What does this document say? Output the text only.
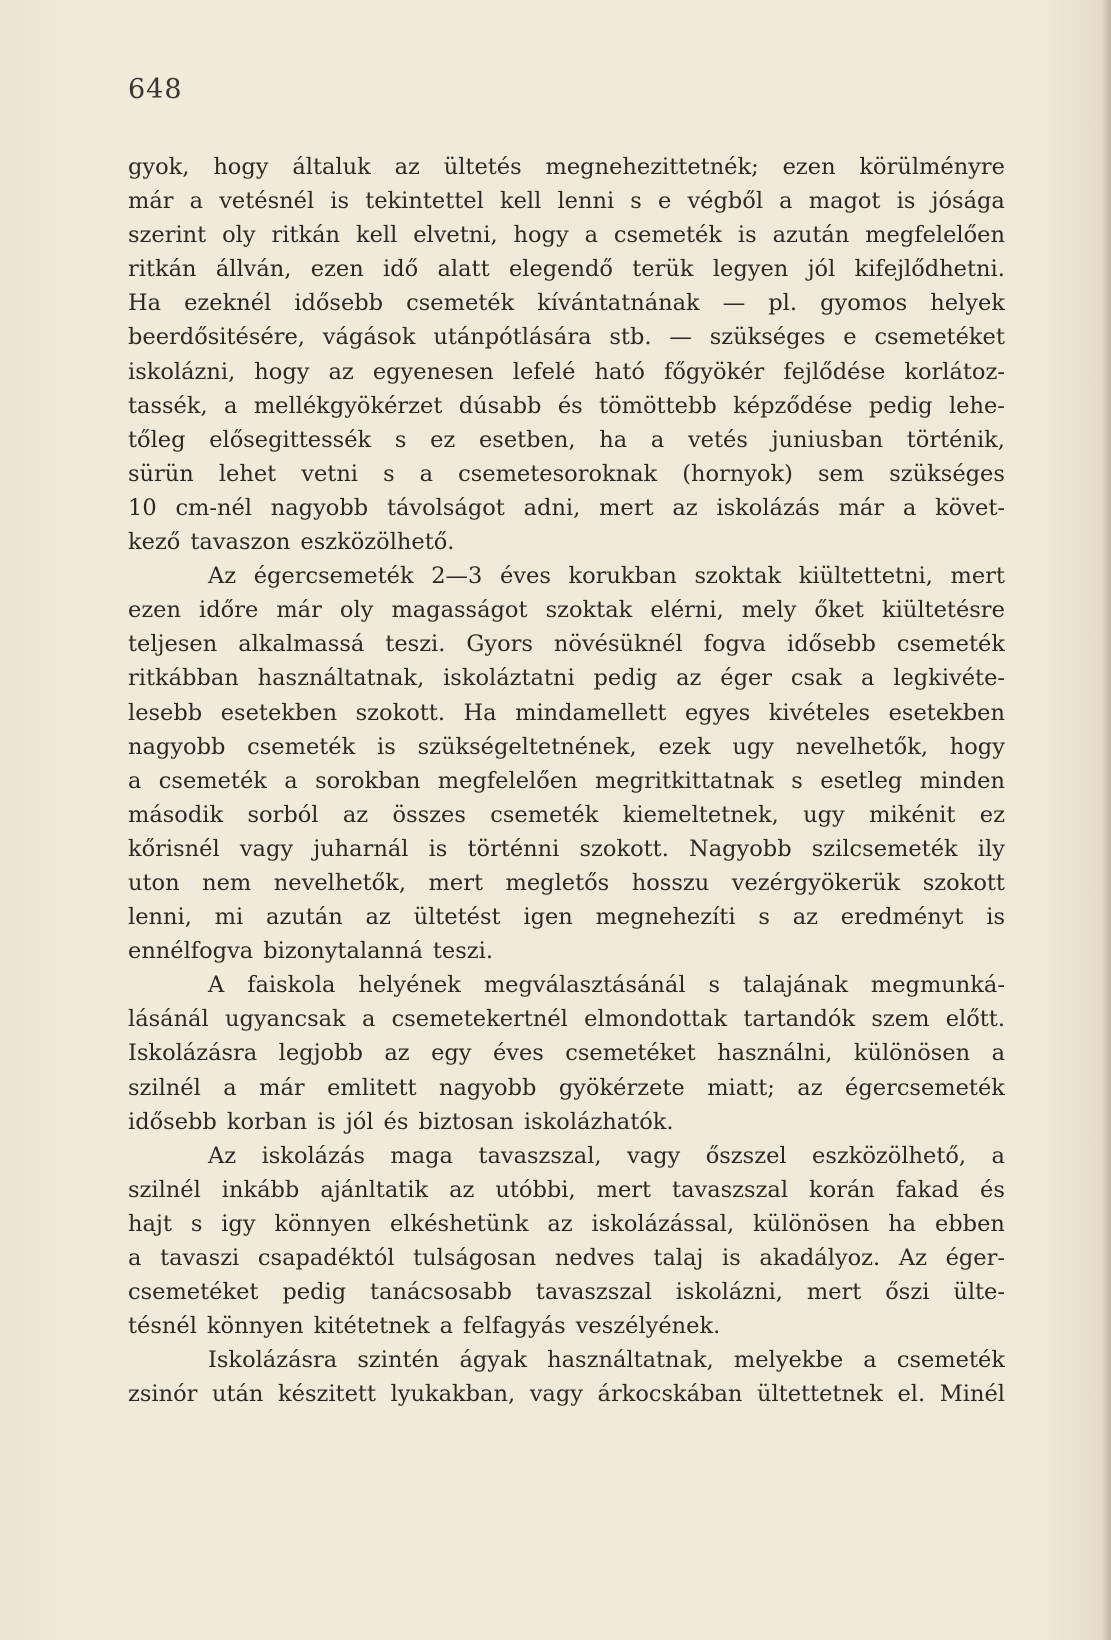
648
gyok, hogy általuk az ültetés megnehezittetnék; ezen körülményre
már a vetésnél is tekintettel kell lenni s e végből a magot is jósága
szerint oly ritkán kell elvetni, hogy a csemeték is azután megfelelően
ritkán állván, ezen idő alatt elegendő terük legyen jól kifejlődhetni.
Ha ezeknél idősebb csemeték kívántatnának — pl. gyomos helyek
beerdősitésére, vágások utánpótlására stb. — szükséges e csemetéket
iskolázni, hogy az egyenesen lefelé ható főgyökér fejlődése korlátoz-
tassék, a mellékgyökérzet dúsabb és tömöttebb képződése pedig lehe-
tőleg elősegittessék s ez esetben, ha a vetés juniusban történik,
sürün lehet vetni s a csemetesoroknak (hornyok) sem szükséges
10 cm-nél nagyobb távolságot adni, mert az iskolázás már a követ-
kező tavaszon eszközölhető.
Az égercsemeték 2—3 éves korukban szoktak kiültettetni, mert
ezen időre már oly magasságot szoktak elérni, mely őket kiültetésre
teljesen alkalmassá teszi. Gyors növésüknél fogva idősebb csemeték
ritkábban használtatnak, iskoláztatni pedig az éger csak a legkivéte-
lesebb esetekben szokott. Ha mindamellett egyes kivételes esetekben
nagyobb csemeték is szükségeltetnének, ezek ugy nevelhetők, hogy
a csemeték a sorokban megfelelően megritkittatnak s esetleg minden
második sorból az összes csemeték kiemeltetnek, ugy mikénit ez
kőrisnél vagy juharnál is történni szokott. Nagyobb szilcsemeték ily
uton nem nevelhetők, mert megletős hosszu vezérgyökerük szokott
lenni, mi azután az ültetést igen megnehezíti s az eredményt is
ennélfogva bizonytalanná teszi.
A faiskola helyének megválasztásánál s talajának megmunká-
lásánál ugyancsak a csemetekertnél elmondottak tartandók szem előtt.
Iskolázásra legjobb az egy éves csemetéket használni, különösen a
szilnél a már emlitett nagyobb gyökérzete miatt; az égercsemeték
idősebb korban is jól és biztosan iskolázhatók.
Az iskolázás maga tavaszszal, vagy őszszel eszközölhető, a
szilnél inkább ajánltatik az utóbbi, mert tavaszszal korán fakad és
hajt s igy könnyen elkéshetünk az iskolázással, különösen ha ebben
a tavaszi csapadéktól tulságosan nedves talaj is akadályoz. Az éger-
csemetéket pedig tanácsosabb tavaszszal iskolázni, mert őszi ülte-
tésnél könnyen kitétetnek a felfagyás veszélyének.
Iskolázásra szintén ágyak használtatnak, melyekbe a csemeték
zsinór után készitett lyukakban, vagy árkocskában ültettetnek el. Minél
